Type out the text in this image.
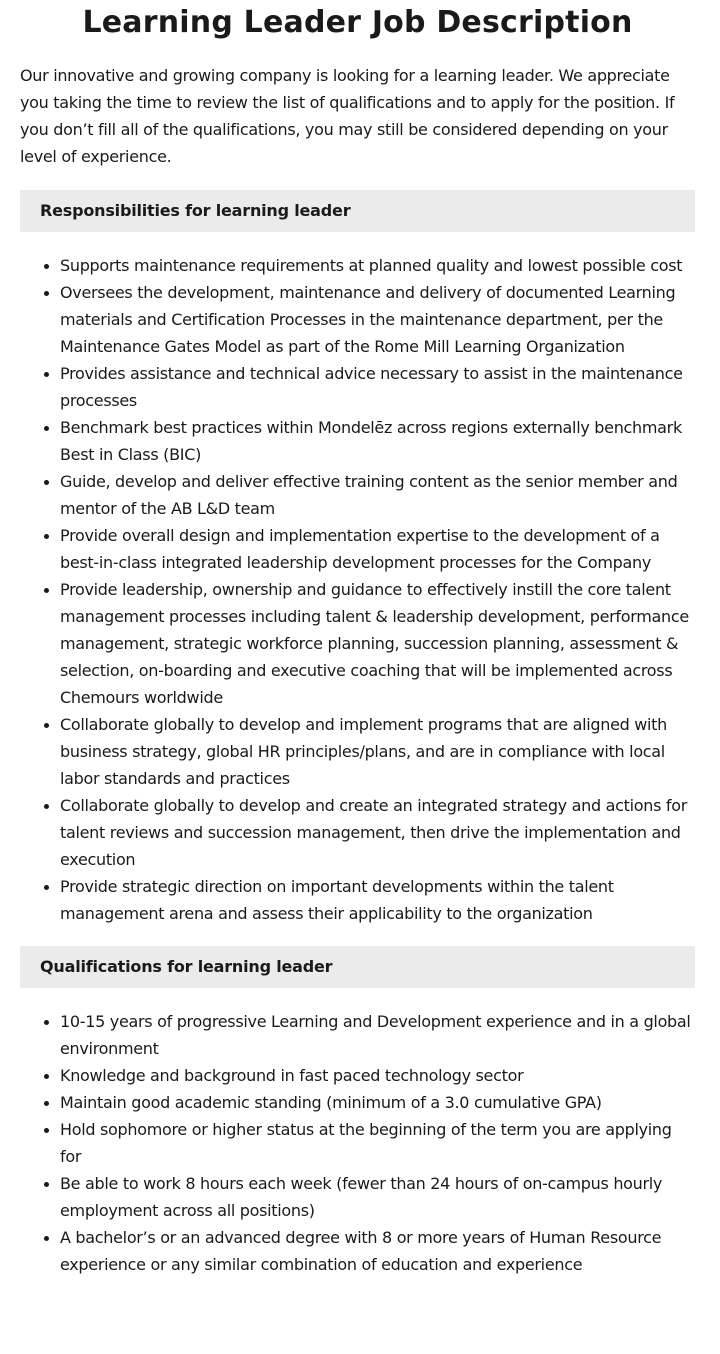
Learning Leader Job Description

Our innovative and growing company is looking for a learning leader. We appreciate you taking the time to review the list of qualifications and to apply for the position. If you don’t fill all of the qualifications, you may still be considered depending on your level of experience.

Responsibilities for learning leader
• Supports maintenance requirements at planned quality and lowest possible cost
• Oversees the development, maintenance and delivery of documented Learning materials and Certification Processes in the maintenance department, per the Maintenance Gates Model as part of the Rome Mill Learning Organization
• Provides assistance and technical advice necessary to assist in the maintenance processes
• Benchmark best practices within Mondelēz across regions externally benchmark Best in Class (BIC)
• Guide, develop and deliver effective training content as the senior member and mentor of the AB L&D team
• Provide overall design and implementation expertise to the development of a best-in-class integrated leadership development processes for the Company
• Provide leadership, ownership and guidance to effectively instill the core talent management processes including talent & leadership development, performance management, strategic workforce planning, succession planning, assessment & selection, on-boarding and executive coaching that will be implemented across Chemours worldwide
• Collaborate globally to develop and implement programs that are aligned with business strategy, global HR principles/plans, and are in compliance with local labor standards and practices
• Collaborate globally to develop and create an integrated strategy and actions for talent reviews and succession management, then drive the implementation and execution
• Provide strategic direction on important developments within the talent management arena and assess their applicability to the organization
Qualifications for learning leader
• 10-15 years of progressive Learning and Development experience and in a global environment
• Knowledge and background in fast paced technology sector
• Maintain good academic standing (minimum of a 3.0 cumulative GPA)
• Hold sophomore or higher status at the beginning of the term you are applying for
• Be able to work 8 hours each week (fewer than 24 hours of on-campus hourly employment across all positions)
• A bachelor’s or an advanced degree with 8 or more years of Human Resource experience or any similar combination of education and experience
